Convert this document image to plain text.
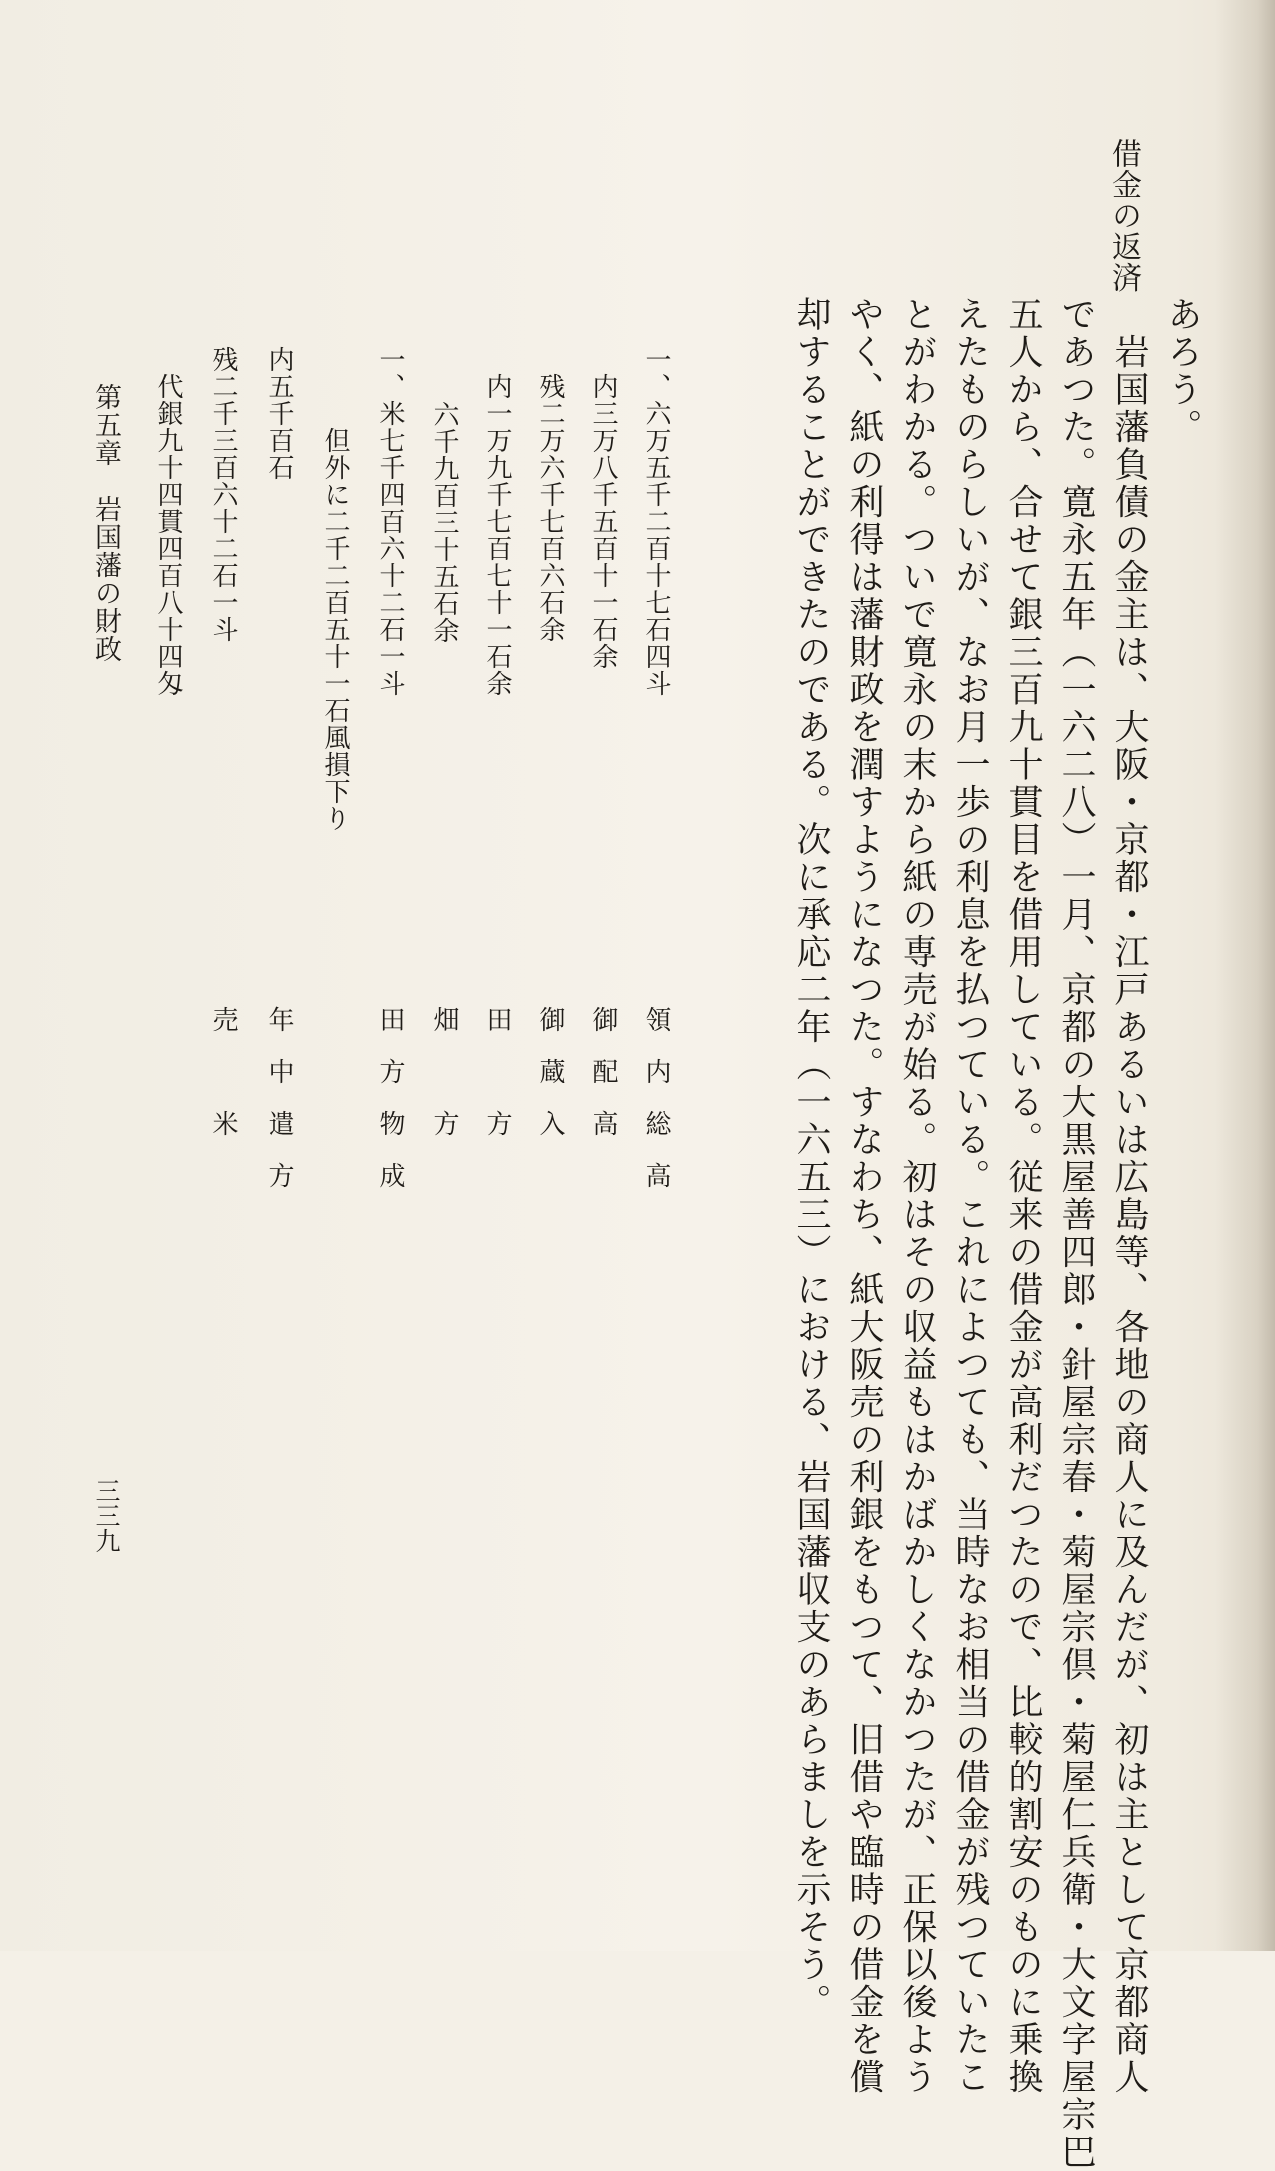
借金の返済
あろう。
　岩国藩負債の金主は、大阪・京都・江戸あるいは広島等、各地の商人に及んだが、初は主として京都商人
であつた。寛永五年（一六二八）一月、京都の大黒屋善四郎・針屋宗春・菊屋宗倶・菊屋仁兵衛・大文字屋宗巴
五人から、合せて銀三百九十貫目を借用している。従来の借金が高利だつたので、比較的割安のものに乗換
えたものらしいが、なお月一歩の利息を払つている。これによつても、当時なお相当の借金が残つていたこ
とがわかる。ついで寛永の末から紙の専売が始る。初はその収益もはかばかしくなかつたが、正保以後よう
やく、紙の利得は藩財政を潤すようになつた。すなわち、紙大阪売の利銀をもつて、旧借や臨時の借金を償
却することができたのである。次に承応二年（一六五三）における、岩国藩収支のあらましを示そう。
一、六万五千二百十七石四斗
領　内　総　高
内三万八千五百十一石余
御　配　高
残二万六千七百六石余
御　蔵　入
内一万九千七百七十一石余
田　　　方
六千九百三十五石余
畑　　　方
一、米七千四百六十二石一斗
田　方　物　成
但外に二千二百五十一石風損下り
内五千百石
年　中　遣　方
残二千三百六十二石一斗
売　　　米
代銀九十四貫四百八十四匁
第五章　岩国藩の財政
三三九
